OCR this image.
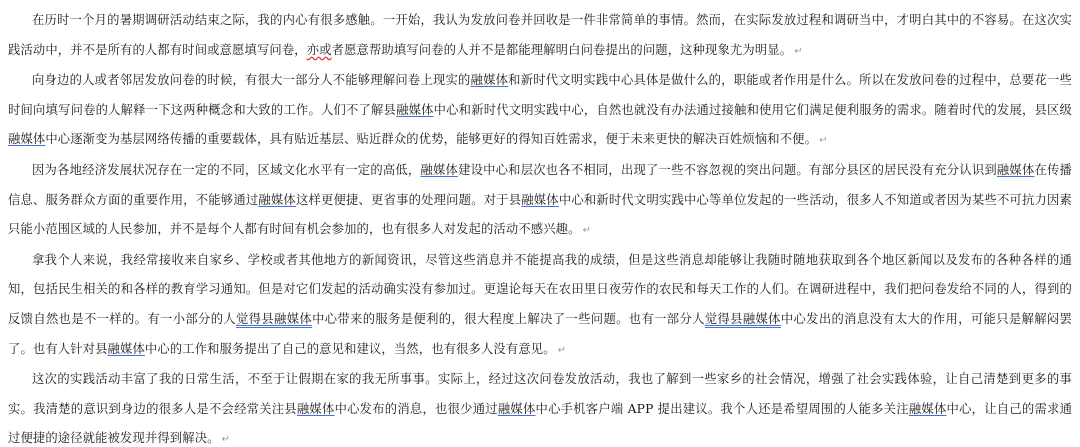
在历时一个月的暑期调研活动结束之际，我的内心有很多感触。一开始，我认为发放问卷并回收是一件非常简单的事情。然而，在实际发放过程和调研当中，才明白其中的不容易。在这次实践活动中，并不是所有的人都有时间或意愿填写问卷，亦或者愿意帮助填写问卷的人并不是都能理解明白问卷提出的问题，这种现象尤为明显。 ↵

向身边的人或者邻居发放问卷的时候，有很大一部分人不能够理解问卷上现实的融媒体和新时代文明实践中心具体是做什么的，职能或者作用是什么。所以在发放问卷的过程中，总要花一些时间向填写问卷的人解释一下这两种概念和大致的工作。人们不了解县融媒体中心和新时代文明实践中心，自然也就没有办法通过接触和使用它们满足便利服务的需求。随着时代的发展，县区级融媒体中心逐渐变为基层网络传播的重要载体，具有贴近基层、贴近群众的优势，能够更好的得知百姓需求，便于未来更快的解决百姓烦恼和不便。 ↵

因为各地经济发展状况存在一定的不同，区域文化水平有一定的高低，融媒体建设中心和层次也各不相同，出现了一些不容忽视的突出问题。有部分县区的居民没有充分认识到融媒体在传播信息、服务群众方面的重要作用，不能够通过融媒体这样更便捷、更省事的处理问题。对于县融媒体中心和新时代文明实践中心等单位发起的一些活动，很多人不知道或者因为某些不可抗力因素只能小范围区域的人民参加，并不是每个人都有时间有机会参加的，也有很多人对发起的活动不感兴趣。 ↵

拿我个人来说，我经常接收来自家乡、学校或者其他地方的新闻资讯，尽管这些消息并不能提高我的成绩，但是这些消息却能够让我随时随地获取到各个地区新闻以及发布的各种各样的通知，包括民生相关的和各样的教育学习通知。但是对它们发起的活动确实没有参加过。更遑论每天在农田里日夜劳作的农民和每天工作的人们。在调研进程中，我们把问卷发给不同的人，得到的反馈自然也是不一样的。有一小部分的人觉得县融媒体中心带来的服务是便利的，很大程度上解决了一些问题。也有一部分人觉得县融媒体中心发出的消息没有太大的作用，可能只是解解闷罢了。也有人针对县融媒体中心的工作和服务提出了自己的意见和建议，当然，也有很多人没有意见。 ↵

这次的实践活动丰富了我的日常生活，不至于让假期在家的我无所事事。实际上，经过这次问卷发放活动，我也了解到一些家乡的社会情况，增强了社会实践体验，让自己清楚到更多的事实。我清楚的意识到身边的很多人是不会经常关注县融媒体中心发布的消息，也很少通过融媒体中心手机客户端 APP 提出建议。我个人还是希望周围的人能多关注融媒体中心，让自己的需求通过便捷的途径就能被发现并得到解决。 ↵
